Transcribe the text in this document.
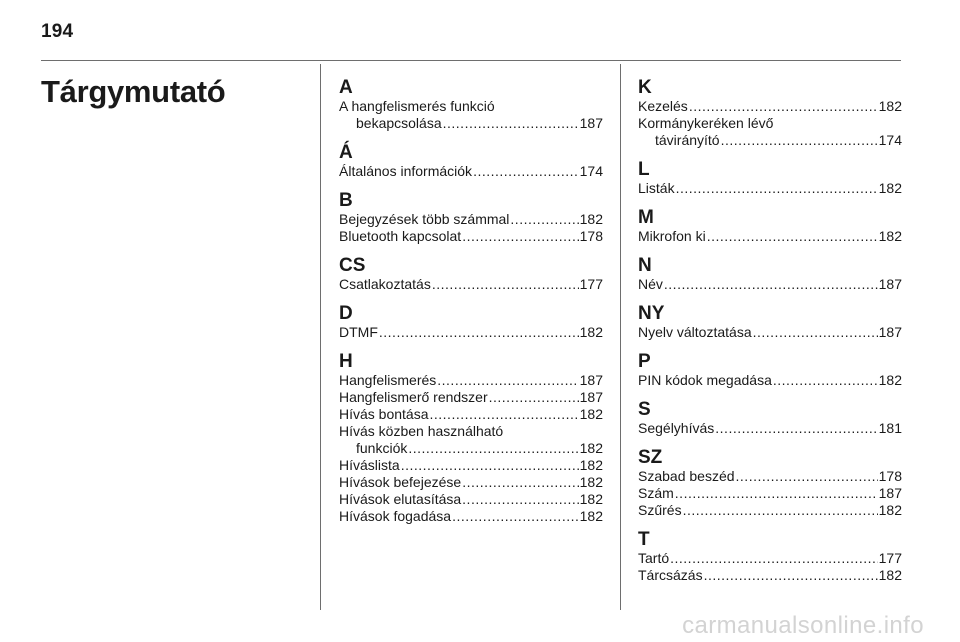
194
Tárgymutató	A
A hangfelismerés funkció
bekapcsolása .....	187
Á
Általános információk .....	174
B
Bejegyzések több számmal .....	182
Bluetooth kapcsolat .....	178
CS
Csatlakoztatás .....	177
D
DTMF .....	182
H
Hangfelismerés .....	187
Hangfelismerő rendszer .....	187
Hívás bontása .....	182
Hívás közben használható
funkciók .....	182
Híváslista .....	182
Hívások befejezése .....	182
Hívások elutasítása .....	182
Hívások fogadása .....	182
K
Kezelés .....	182
Kormánykeréken lévő
távirányító .....	174
L
Listák .....	182
M
Mikrofon ki .....	182
N
Név .....	187
NY
Nyelv változtatása .....	187
P
PIN kódok megadása .....	182
S
Segélyhívás .....	181
SZ
Szabad beszéd .....	178
Szám .....	187
Szűrés .....	182
T
Tartó .....	177
Tárcsázás .....	182
carmanualsonline.info
